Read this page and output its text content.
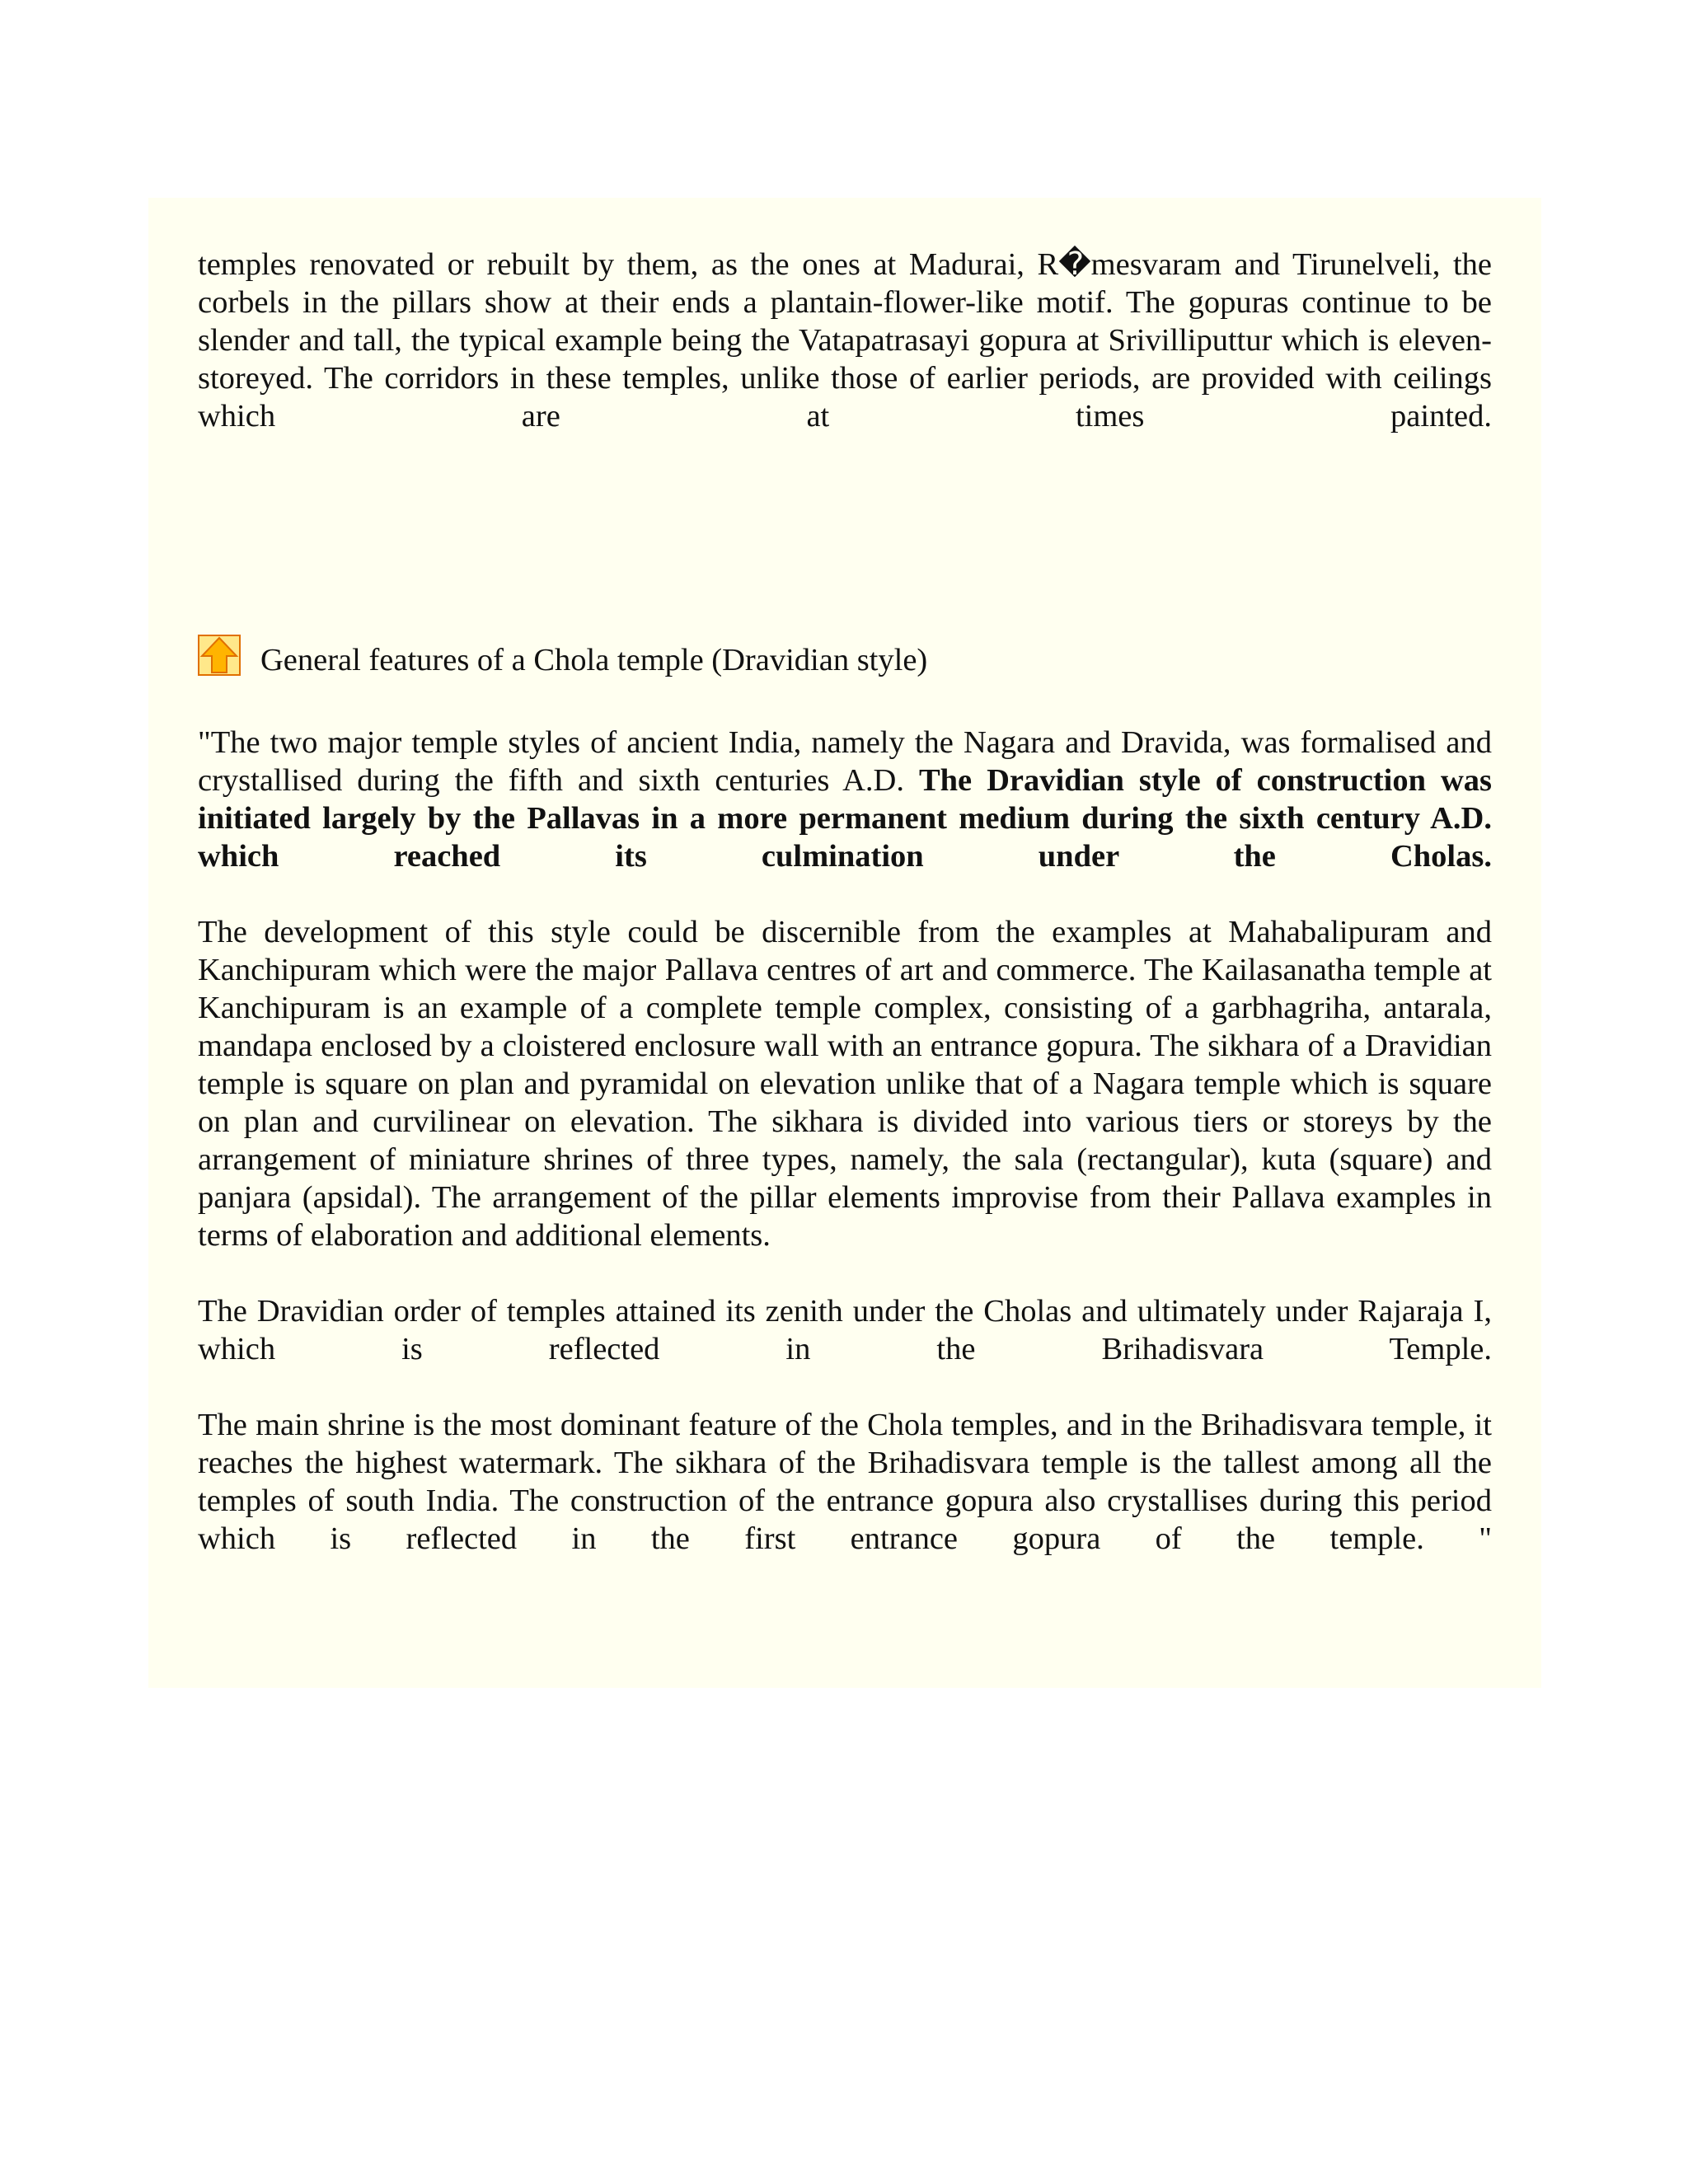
temples renovated or rebuilt by them, as the ones at Madurai, R�mesvaram and Tirunelveli, the corbels in the pillars show at their ends a plantain-flower-like motif. The gopuras continue to be slender and tall, the typical example being the Vatapatrasayi gopura at Srivilliputtur which is eleven-storeyed. The corridors in these temples, unlike those of earlier periods, are provided with ceilings which are at times painted.

General features of a Chola temple (Dravidian style)

"The two major temple styles of ancient India, namely the Nagara and Dravida, was formalised and crystallised during the fifth and sixth centuries A.D. The Dravidian style of construction was initiated largely by the Pallavas in a more permanent medium during the sixth century A.D. which reached its culmination under the Cholas.

The development of this style could be discernible from the examples at Mahabalipuram and Kanchipuram which were the major Pallava centres of art and commerce. The Kailasanatha temple at Kanchipuram is an example of a complete temple complex, consisting of a garbhagriha, antarala, mandapa enclosed by a cloistered enclosure wall with an entrance gopura. The sikhara of a Dravidian temple is square on plan and pyramidal on elevation unlike that of a Nagara temple which is square on plan and curvilinear on elevation. The sikhara is divided into various tiers or storeys by the arrangement of miniature shrines of three types, namely, the sala (rectangular), kuta (square) and panjara (apsidal). The arrangement of the pillar elements improvise from their Pallava examples in terms of elaboration and additional elements.

The Dravidian order of temples attained its zenith under the Cholas and ultimately under Rajaraja I, which is reflected in the Brihadisvara Temple.

The main shrine is the most dominant feature of the Chola temples, and in the Brihadisvara temple, it reaches the highest watermark. The sikhara of the Brihadisvara temple is the tallest among all the temples of south India. The construction of the entrance gopura also crystallises during this period which is reflected in the first entrance gopura of the temple. "
